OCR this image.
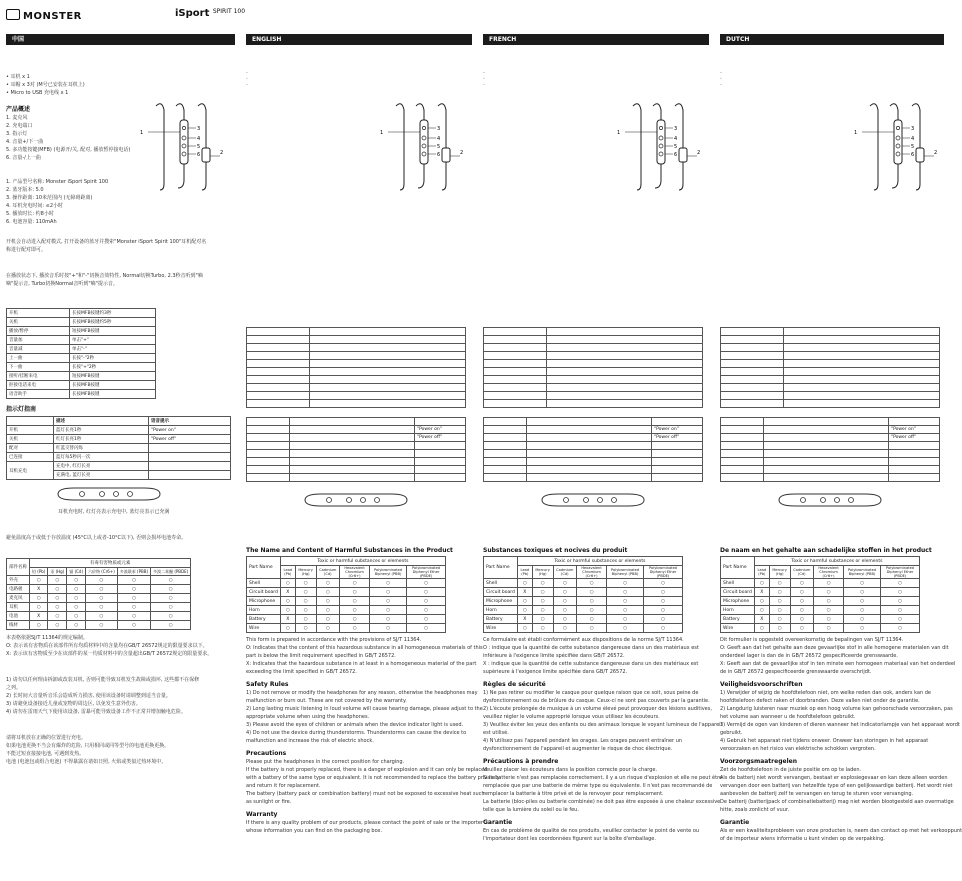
MONSTER	iSport $^{SPIRIT 100}$
中国
• 耳机 x 1
• 耳帽 x 3对 (M号已安装在耳机上)
• Micro to USB 充电线 x 1
产品概述
1. 麦克风
2. 充电端口
3. 指示灯
4. 音量+/下一曲
5. 多功能按键(MFB) (电源开/关, 配对, 播放暂停接电话)
6. 音量-/上一曲
1. 产品型号名称: Monster iSport Spirit 100
2. 蓝牙版本: 5.0
3. 操作距离: 10米范围内 (无障碍距离)
4. 耳机充电时间: ≤2小时
5. 播放时长: 约8小时
6. 电池容量: 110mAh
开机会自动进入配对模式, 打开设备的蓝牙并搜索"Monster iSport Spirit 100"耳机配对名
称进行配对即可。
在播放状态下, 播放音乐时按"+"和"-"切换音效特性, Normal切换Turbo, 2.3秒音听到"嘀
嘀"提示音, Turbo切换Normal音听到"嘀"提示音。
开机	长按MFB按键约3秒
关机	长按MFB按键约5秒
播放/暂停	短按MFB按键
音量加	单击"+"
音量减	单击"-"
上一曲	长按"-"2秒
下一曲	长按"+"2秒
接听/挂断来电	短按MFB按键
拒接电话来电	长按MFB按键
语音助手	长按MFB按键
指示灯指南
	描述	语音提示
开机	蓝灯长亮1秒	"Power on"
关机	红灯长亮1秒	"Power off"
配对	红蓝交替闪烁	
已连接	蓝灯每5秒闪一次	
耳机充电	充电中, 红灯长亮	
	充满电, 蓝灯长亮	
耳机充电时, 红灯亮表示充电中, 蓝灯亮表示已充满
避免温度高于或低于存放温度 (45°C以上或者-10°C以下), 否则会损坏电池寿命。
部件名称	有毒有害物质或元素					
	铅 (Pb)	汞 (Hg)	镉 (Cd)	六价铬 (Cr6+)	多溴联苯 (PBB)	多溴二苯醚 (PBDE)
外壳	○	○	○	○	○	○
电路板	X	○	○	○	○	○
麦克风	○	○	○	○	○	○
耳机	○	○	○	○	○	○
电池	X	○	○	○	○	○
线材	○	○	○	○	○	○
本表格依据SJ/T 11364的规定编制。
O: 表示该有害物质在该部件所有均质材料中的含量均在GB/T 26572规定的限量要求以下。
X: 表示该有害物质至少在该部件的某一均质材料中的含量超出GB/T 26572规定的限量要求。
1) 请勿以任何理由拆卸或改装耳机, 否则可能导致耳机发生故障或损坏, 这些都不在保修
之列。
2) 长时间大音量听音乐会造成听力损害, 使用该设备时请调整到适当音量。
3) 请避免设备接近儿童或宠物的周边区, 以免发生意外伤害。
4) 请勿在雷雨天气下使用该设备, 雷暴可能导致设备工作不正常并增加触电危险。
请将耳机放在正确的位置进行充电。
如果电池更换不当会有爆炸的危险, 只用相同或同等型号的电池更换更换。
不能过短直接接电池, 可遇到发热。
电池 (电池包或组合电池) 不得暴露在诸如日照, 火焰或类似过热环境中。
1
2
3
4
5
6
ENGLISH
·
·
·

		"Power on"
		"Power off"

The Name and Content of Harmful Substances in the Product
Part Name	Toxic or harmful substances or elements					
	Lead (Pb)	Mercury (Hg)	Cadmium (Cd)	Hexavalent Chromium (Cr6+)	Polybrominated Biphenyl (PBB)	Polybrominated Diphenyl Ether (PBDE)
Shell	○	○	○	○	○	○
Circuit board	X	○	○	○	○	○
Microphone	○	○	○	○	○	○
Horn	○	○	○	○	○	○
Battery	X	○	○	○	○	○
Wire	○	○	○	○	○	○
This form is prepared in accordance with the provisions of SJ/T 11364.
O: Indicates that the content of this hazardous substance in all homogeneous materials of this
part is below the limit requirement specified in GB/T 26572.
X: Indicates that the hazardous substance in at least in a homogeneous material of the part
exceeding the limit specified in GB/T 26572.
Safety Rules
1) Do not remove or modify the headphones for any reason, otherwise the headphones may
malfunction or burn out. These are not covered by the warranty.
2) Long lasting music listening in loud volume will cause hearing damage, please adjust to the
appropriate volume when using the headphones.
3) Please avoid the eyes of children or animals when the device indicator light is used.
4) Do not use the device during thunderstorms. Thunderstorms can cause the device to
malfunction and increase the risk of electric shock.
Precautions
Please put the headphones in the correct position for charging.
If the battery is not properly replaced, there is a danger of explosion and it can only be replaced
with a battery of the same type or equivalent. It is not recommended to replace the battery privately
and return it for replacement.
The battery (battery pack or combination battery) must not be exposed to excessive heat such
as sunlight or fire.
Warranty
If there is any quality problem of our products, please contact the point of sale or the importer
whose information you can find on the packaging box.
1
2
3
4
5
6
FRENCH
·
·
·

		"Power on"
		"Power off"

Substances toxiques et nocives du produit
Part Name	Toxic or harmful substances or elements					
	Lead (Pb)	Mercury (Hg)	Cadmium (Cd)	Hexavalent Chromium (Cr6+)	Polybrominated Biphenyl (PBB)	Polybrominated Diphenyl Ether (PBDE)
Shell	○	○	○	○	○	○
Circuit board	X	○	○	○	○	○
Microphone	○	○	○	○	○	○
Horn	○	○	○	○	○	○
Battery	X	○	○	○	○	○
Wire	○	○	○	○	○	○
Ce formulaire est établi conformément aux dispositions de la norme SJ/T 11364.
O : indique que la quantité de cette substance dangereuse dans un des matériaux est
inférieure à l'exigence limite spécifiée dans GB/T 26572.
X : indique que la quantité de cette substance dangereuse dans un des matériaux est
supérieure à l'exigence limite spécifiée dans GB/T 26572.
Règles de sécurité
1) Ne pas retirer ou modifier le casque pour quelque raison que ce soit, sous peine de
dysfonctionnement ou de brûlure du casque. Ceux-ci ne sont pas couverts par la garantie.
2) L'écoute prolongée de musique à un volume élevé peut provoquer des lésions auditives,
veuillez régler le volume approprié lorsque vous utilisez les écouteurs.
3) Veuillez éviter les yeux des enfants ou des animaux lorsque le voyant lumineux de l'appareil
est utilisé.
4) N'utilisez pas l'appareil pendant les orages. Les orages peuvent entraîner un
dysfonctionnement de l'appareil et augmenter le risque de choc électrique.
Précautions à prendre
Veuillez placer les écouteurs dans la position correcte pour la charge.
Si la batterie n'est pas remplacée correctement, il y a un risque d'explosion et elle ne peut être
remplacée que par une batterie de même type ou équivalente. Il n'est pas recommandé de
remplacer la batterie à titre privé et de la renvoyer pour remplacement.
La batterie (bloc-piles ou batterie combinée) ne doit pas être exposée à une chaleur excessive
telle que la lumière du soleil ou le feu.
Garantie
En cas de problème de qualité de nos produits, veuillez contacter le point de vente ou
l'importateur dont les coordonnées figurent sur la boîte d'emballage.
1
2
3
4
5
6
DUTCH
·
·
·

		"Power on"
		"Power off"

De naam en het gehalte aan schadelijke stoffen in het product
Part Name	Toxic or harmful substances or elements					
	Lead (Pb)	Mercury (Hg)	Cadmium (Cd)	Hexavalent Chromium (Cr6+)	Polybrominated Biphenyl (PBB)	Polybrominated Diphenyl Ether (PBDE)
Shell	○	○	○	○	○	○
Circuit board	X	○	○	○	○	○
Microphone	○	○	○	○	○	○
Horn	○	○	○	○	○	○
Battery	X	○	○	○	○	○
Wire	○	○	○	○	○	○
Dit formulier is opgesteld overeenkomstig de bepalingen van SJ/T 11364.
O: Geeft aan dat het gehalte aan deze gevaarlijke stof in alle homogene materialen van dit
onderdeel lager is dan de in GB/T 26572 gespecificeerde grenswaarde.
X: Geeft aan dat de gevaarlijke stof in ten minste een homogeen materiaal van het onderdeel
de in GB/T 26572 gespecificeerde grenswaarde overschrijdt.
Veiligheidsvoorschriften
1) Verwijder of wijzig de hoofdtelefoon niet, om welke reden dan ook, anders kan de
hoofdtelefoon defect raken of doorbranden. Deze vallen niet onder de garantie.
2) Langdurig luisteren naar muziek op een hoog volume kan gehoorschade veroorzaken, pas
het volume aan wanneer u de hoofdtelefoon gebruikt.
3) Vermijd de ogen van kinderen of dieren wanneer het indicatorlampje van het apparaat wordt
gebruikt.
4) Gebruik het apparaat niet tijdens onweer. Onweer kan storingen in het apparaat
veroorzaken en het risico van elektrische schokken vergroten.
Voorzorgsmaatregelen
Zet de hoofdtelefoon in de juiste positie om op te laden.
Als de batterij niet wordt vervangen, bestaat er explosiegevaar en kan deze alleen worden
vervangen door een batterij van hetzelfde type of een gelijkwaardige batterij. Het wordt niet
aanbevolen de batterij zelf te vervangen en terug te sturen voor vervanging.
De batterij (batterijpack of combinatiebatterij) mag niet worden blootgesteld aan overmatige
hitte, zoals zonlicht of vuur.
Garantie
Als er een kwaliteitsprobleem van onze producten is, neem dan contact op met het verkooppunt
of de importeur wiens informatie u kunt vinden op de verpakking.
1
2
3
4
5
6
